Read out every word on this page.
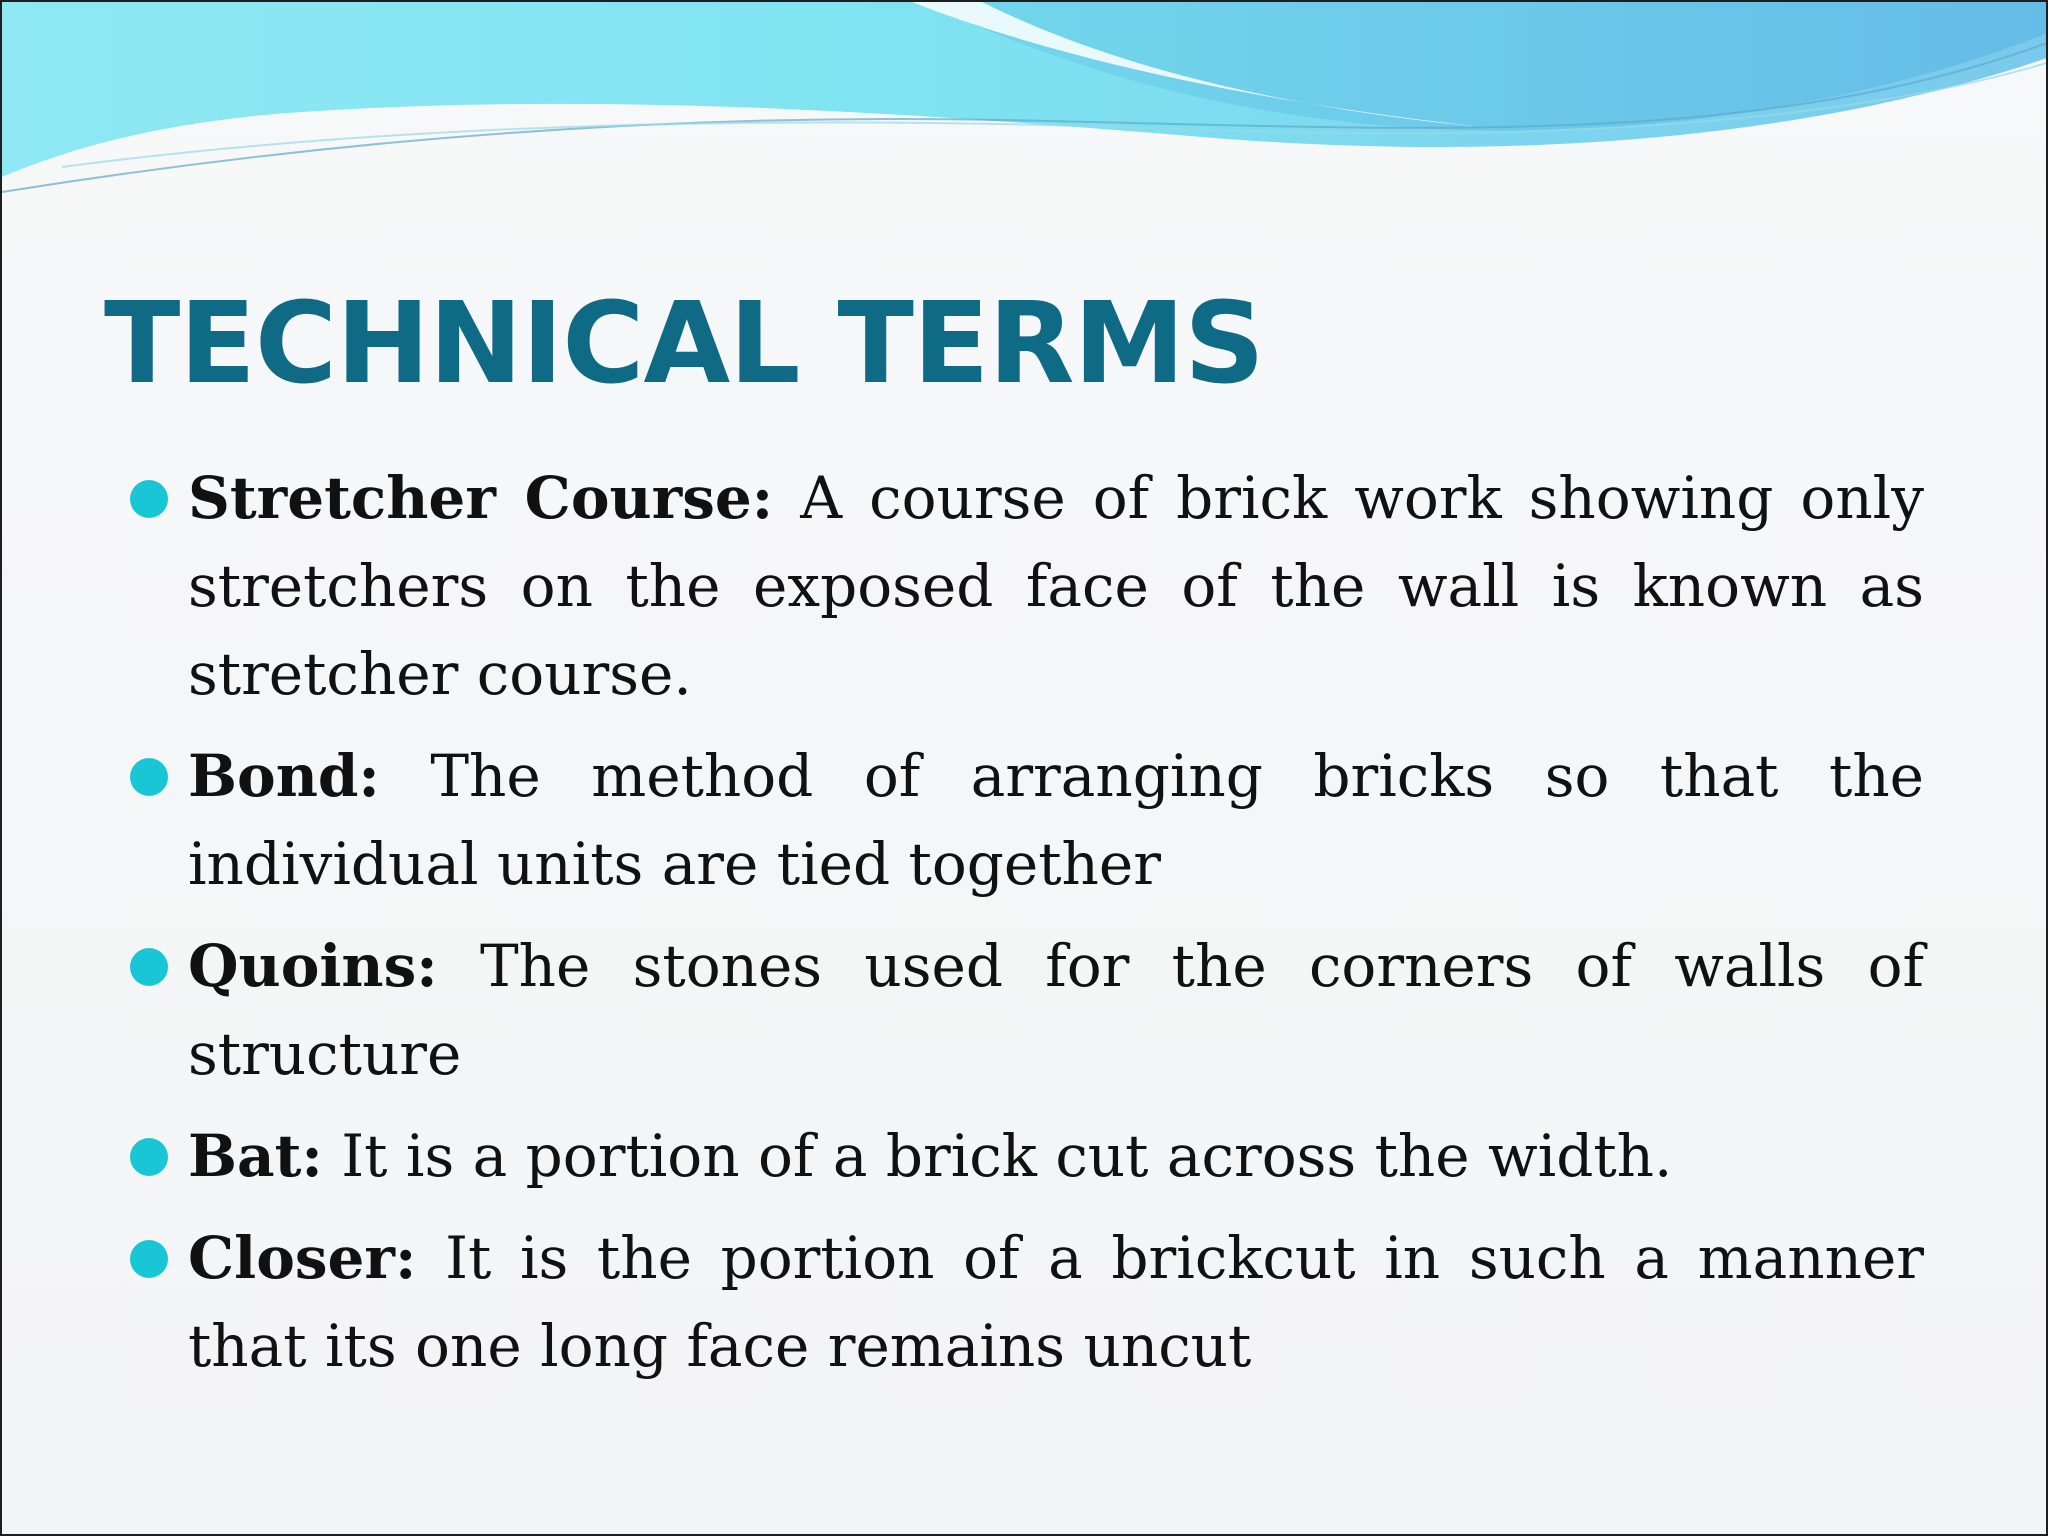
TECHNICAL TERMS
Stretcher Course: A course of brick work showing only stretchers on the exposed face of the wall is known as stretcher course.
Bond: The method of arranging bricks so that the individual units are tied together
Quoins: The stones used for the corners of walls of structure
Bat: It is a portion of a brick cut across the width.
Closer: It is the portion of a brickcut in such a manner that its one long face remains uncut
